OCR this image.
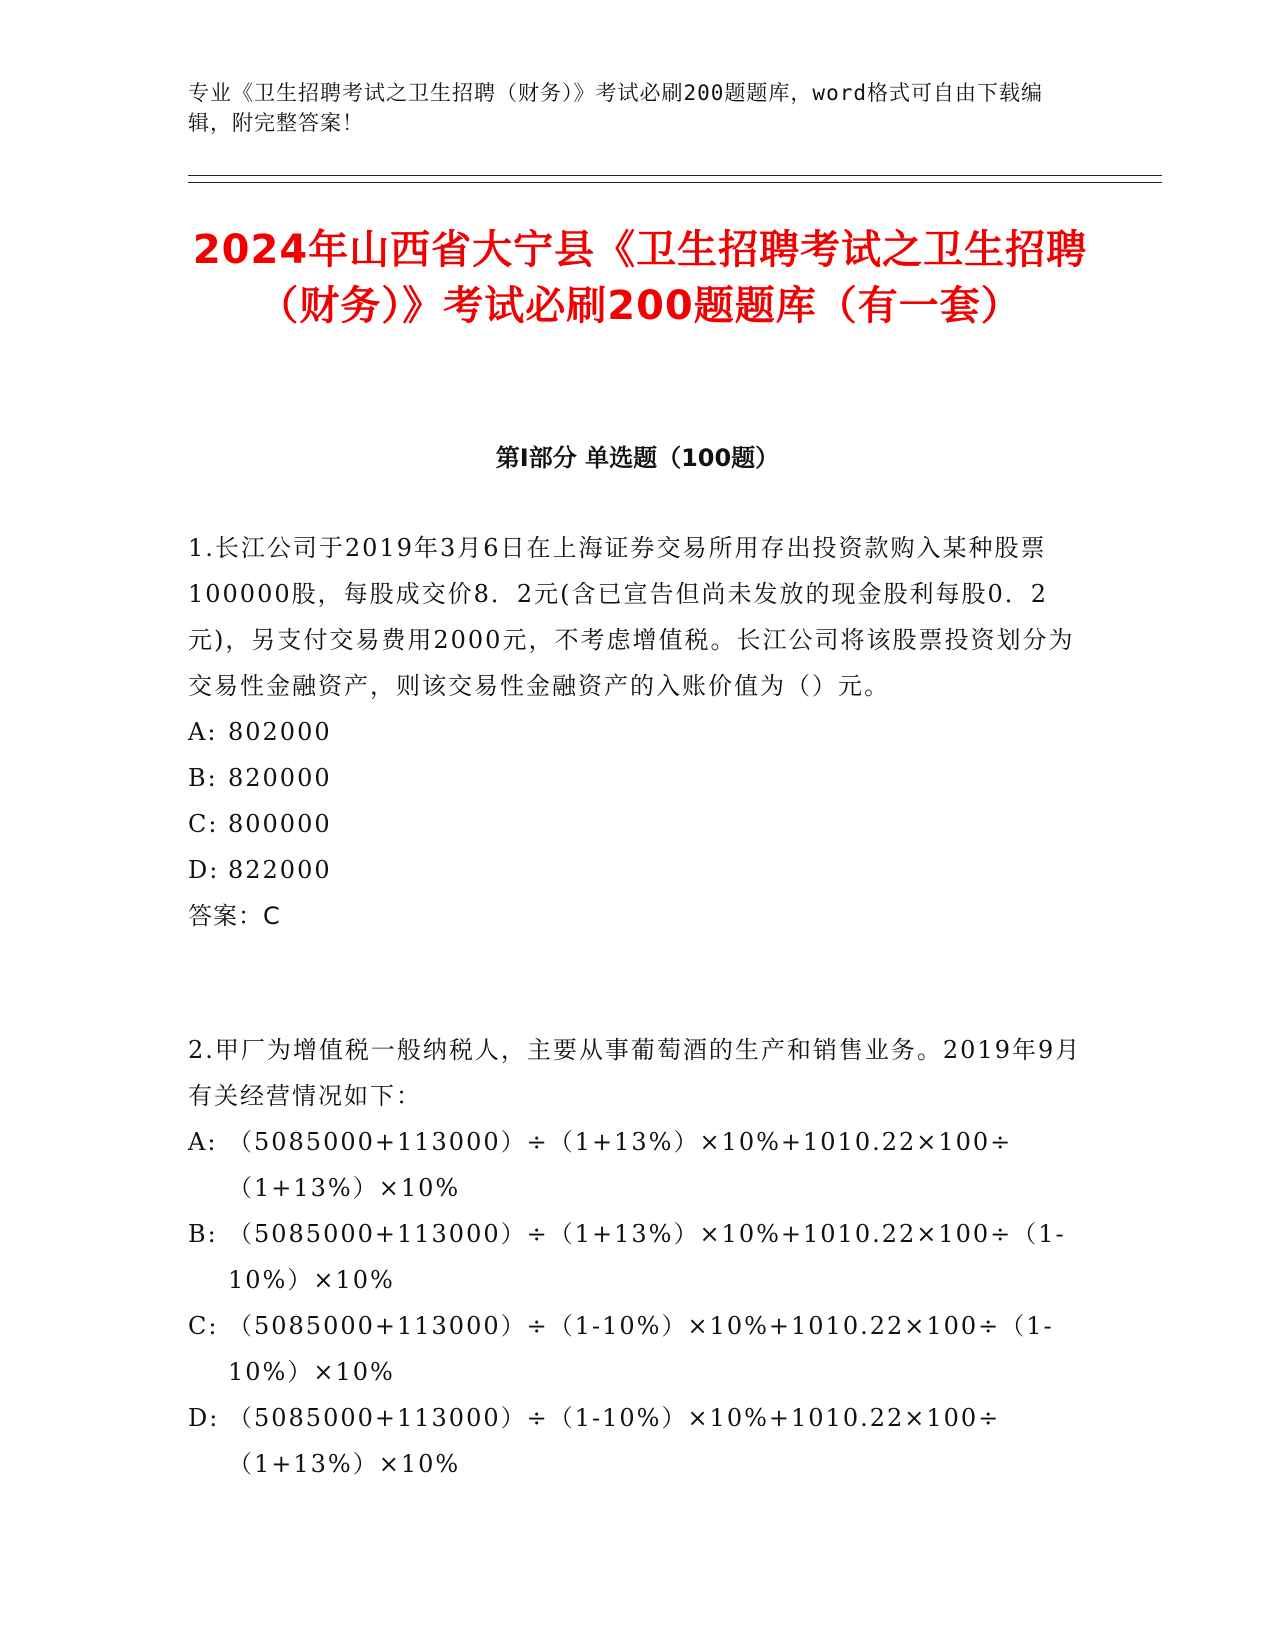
专业《卫生招聘考试之卫生招聘（财务）》考试必刷200题题库，word格式可自由下载编辑，附完整答案！
2024年山西省大宁县《卫生招聘考试之卫生招聘（财务）》考试必刷200题题库（有一套）
第Ⅰ部分 单选题（100题）

1.长江公司于2019年3月6日在上海证券交易所用存出投资款购入某种股票100000股，每股成交价8．2元(含已宣告但尚未发放的现金股利每股0．2元)，另支付交易费用2000元，不考虑增值税。长江公司将该股票投资划分为交易性金融资产，则该交易性金融资产的入账价值为（）元。

A: 802000

B: 820000

C: 800000

D: 822000

答案：C

2.甲厂为增值税一般纳税人，主要从事葡萄酒的生产和销售业务。2019年9月有关经营情况如下：

A: （5085000+113000）÷（1+13%）×10%+1010.22×100÷（1+13%）×10%

B: （5085000+113000）÷（1+13%）×10%+1010.22×100÷（1-10%）×10%

C: （5085000+113000）÷（1-10%）×10%+1010.22×100÷（1-10%）×10%

D: （5085000+113000）÷（1-10%）×10%+1010.22×100÷（1+13%）×10%
